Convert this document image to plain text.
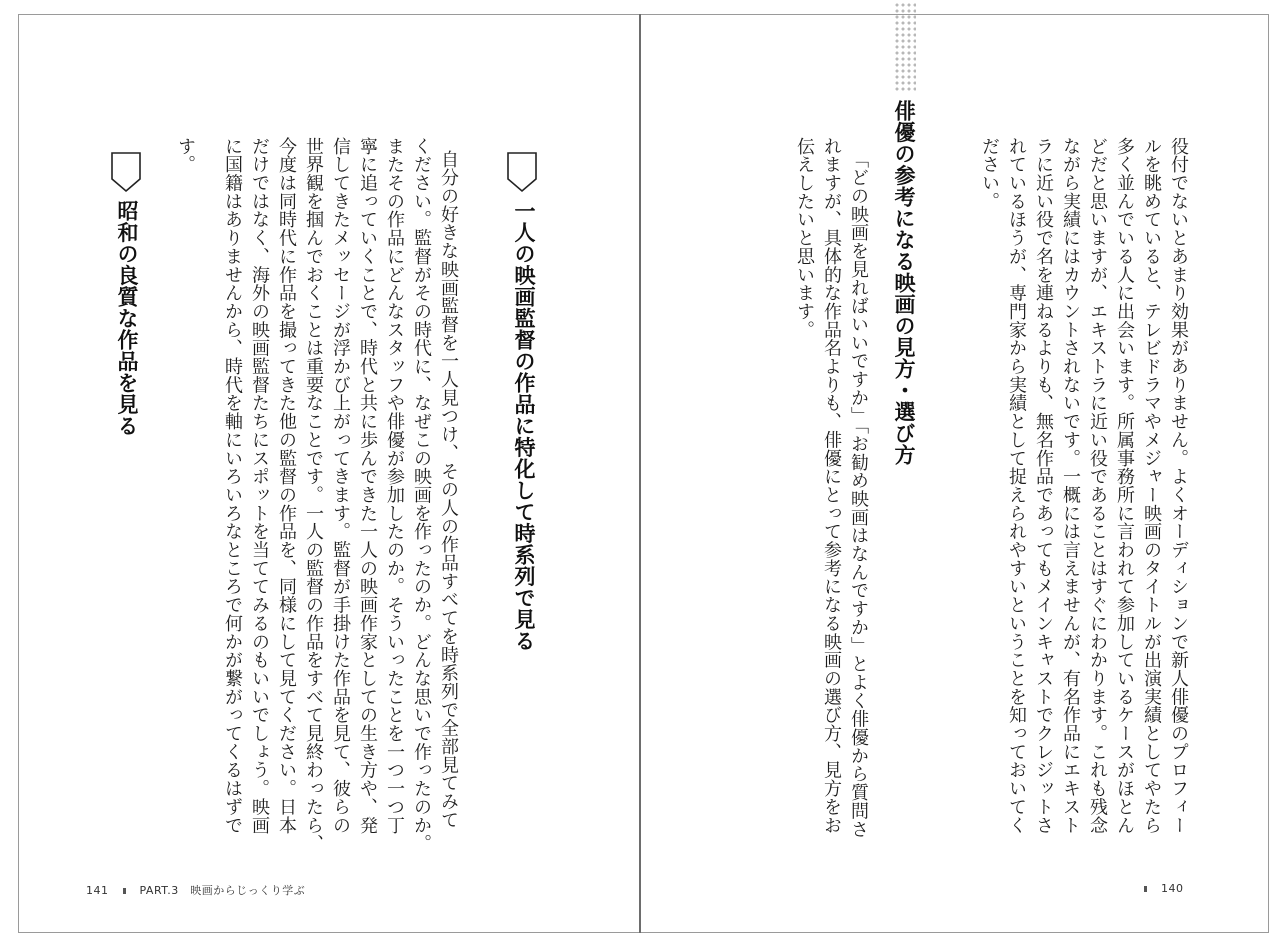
役付でないとあまり効果がありません。よくオーディションで新人俳優のプロフィー
ルを眺めていると、テレビドラマやメジャー映画のタイトルが出演実績としてやたら
多く並んでいる人に出会います。所属事務所に言われて参加しているケースがほとん
どだと思いますが、エキストラに近い役であることはすぐにわかります。これも残念
ながら実績にはカウントされないです。一概には言えませんが、有名作品にエキスト
ラに近い役で名を連ねるよりも、無名作品であってもメインキャストでクレジットさ
れているほうが、専門家から実績として捉えられやすいということを知っておいてく
ださい。
俳優の参考になる映画の見方・選び方
「どの映画を見ればいいですか」「お勧め映画はなんですか」とよく俳優から質問さ
れますが、具体的な作品名よりも、俳優にとって参考になる映画の選び方、見方をお
伝えしたいと思います。
140
一人の映画監督の作品に特化して時系列で見る
自分の好きな映画監督を一人見つけ、その人の作品すべてを時系列で全部見てみて
ください。監督がその時代に、なぜこの映画を作ったのか。どんな思いで作ったのか。
またその作品にどんなスタッフや俳優が参加したのか。そういったことを一つ一つ丁
寧に追っていくことで、時代と共に歩んできた一人の映画作家としての生き方や、発
信してきたメッセージが浮かび上がってきます。監督が手掛けた作品を見て、彼らの
世界観を掴んでおくことは重要なことです。一人の監督の作品をすべて見終わったら、
今度は同時代に作品を撮ってきた他の監督の作品を、同様にして見てください。日本
だけではなく、海外の映画監督たちにスポットを当ててみるのもいいでしょう。映画
に国籍はありませんから、時代を軸にいろいろなところで何かが繋がってくるはずで
す。
昭和の良質な作品を見る
141	PART.3　映画からじっくり学ぶ
